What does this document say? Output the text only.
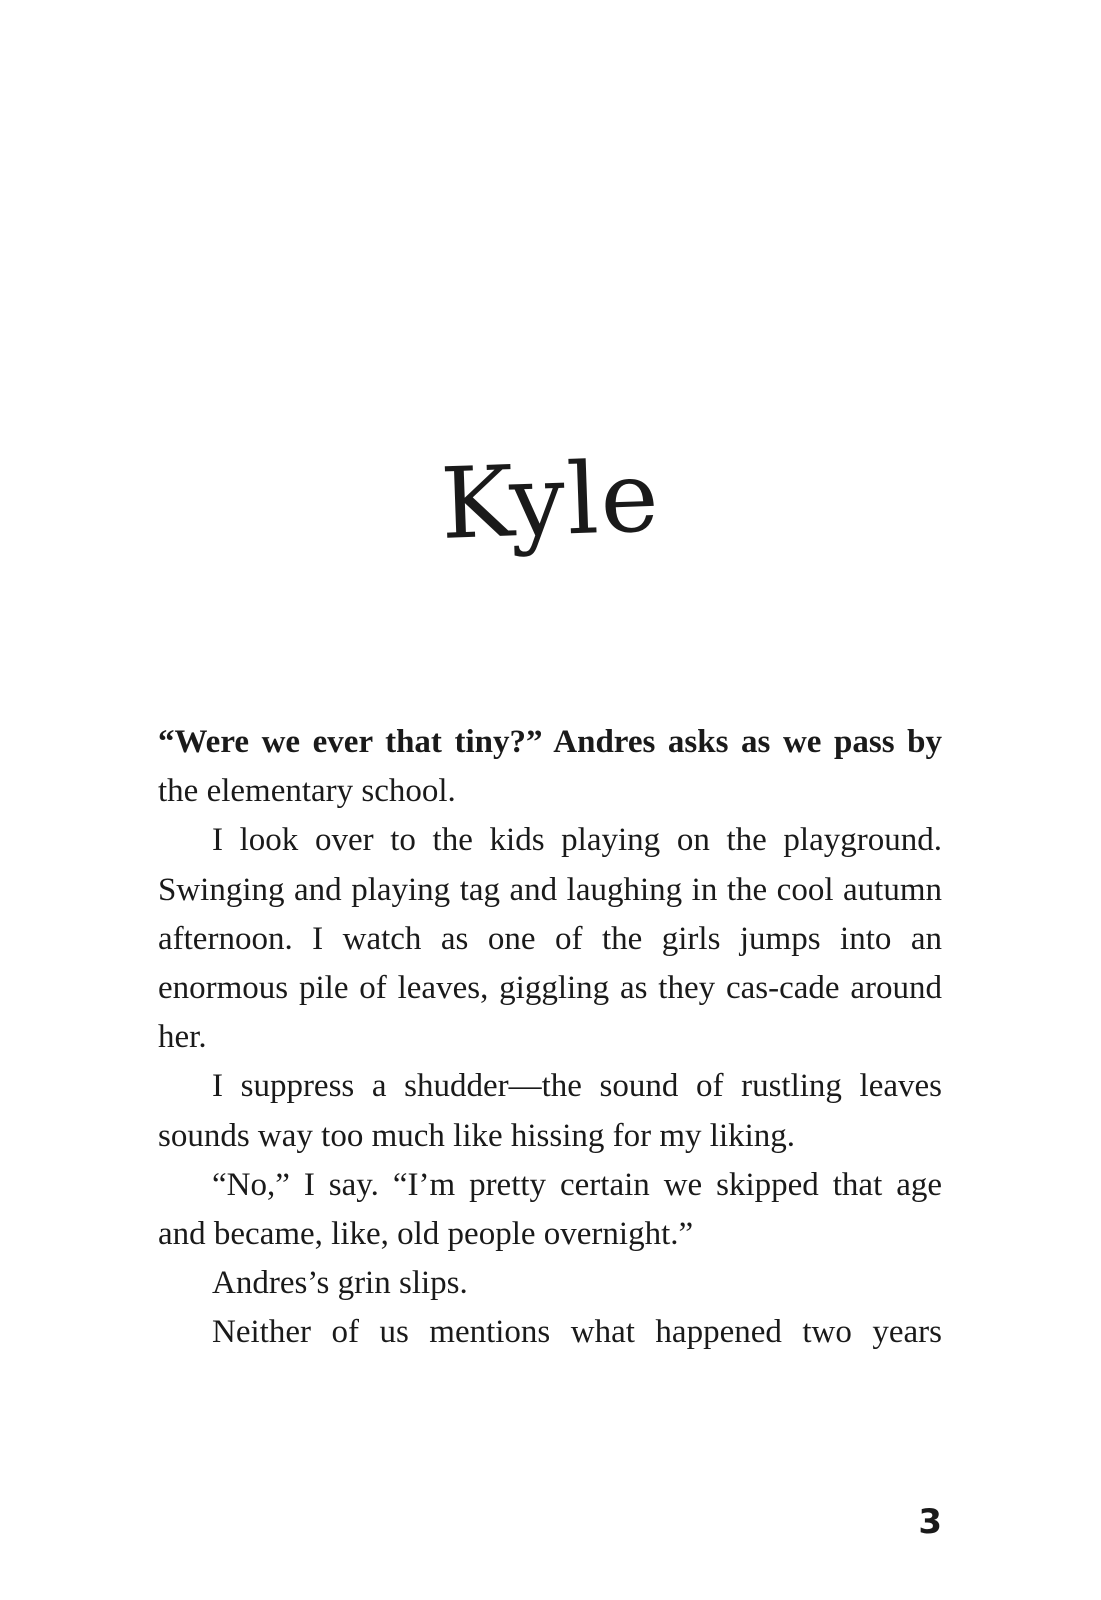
Kyle

“Were we ever that tiny?” Andres asks as we pass by the elementary school.

I look over to the kids playing on the playground. Swinging and playing tag and laughing in the cool autumn afternoon. I watch as one of the girls jumps into an enormous pile of leaves, giggling as they cas-cade around her.

I suppress a shudder—the sound of rustling leaves sounds way too much like hissing for my liking.

“No,” I say. “I’m pretty certain we skipped that age and became, like, old people overnight.”

Andres’s grin slips.

Neither of us mentions what happened two years

3
